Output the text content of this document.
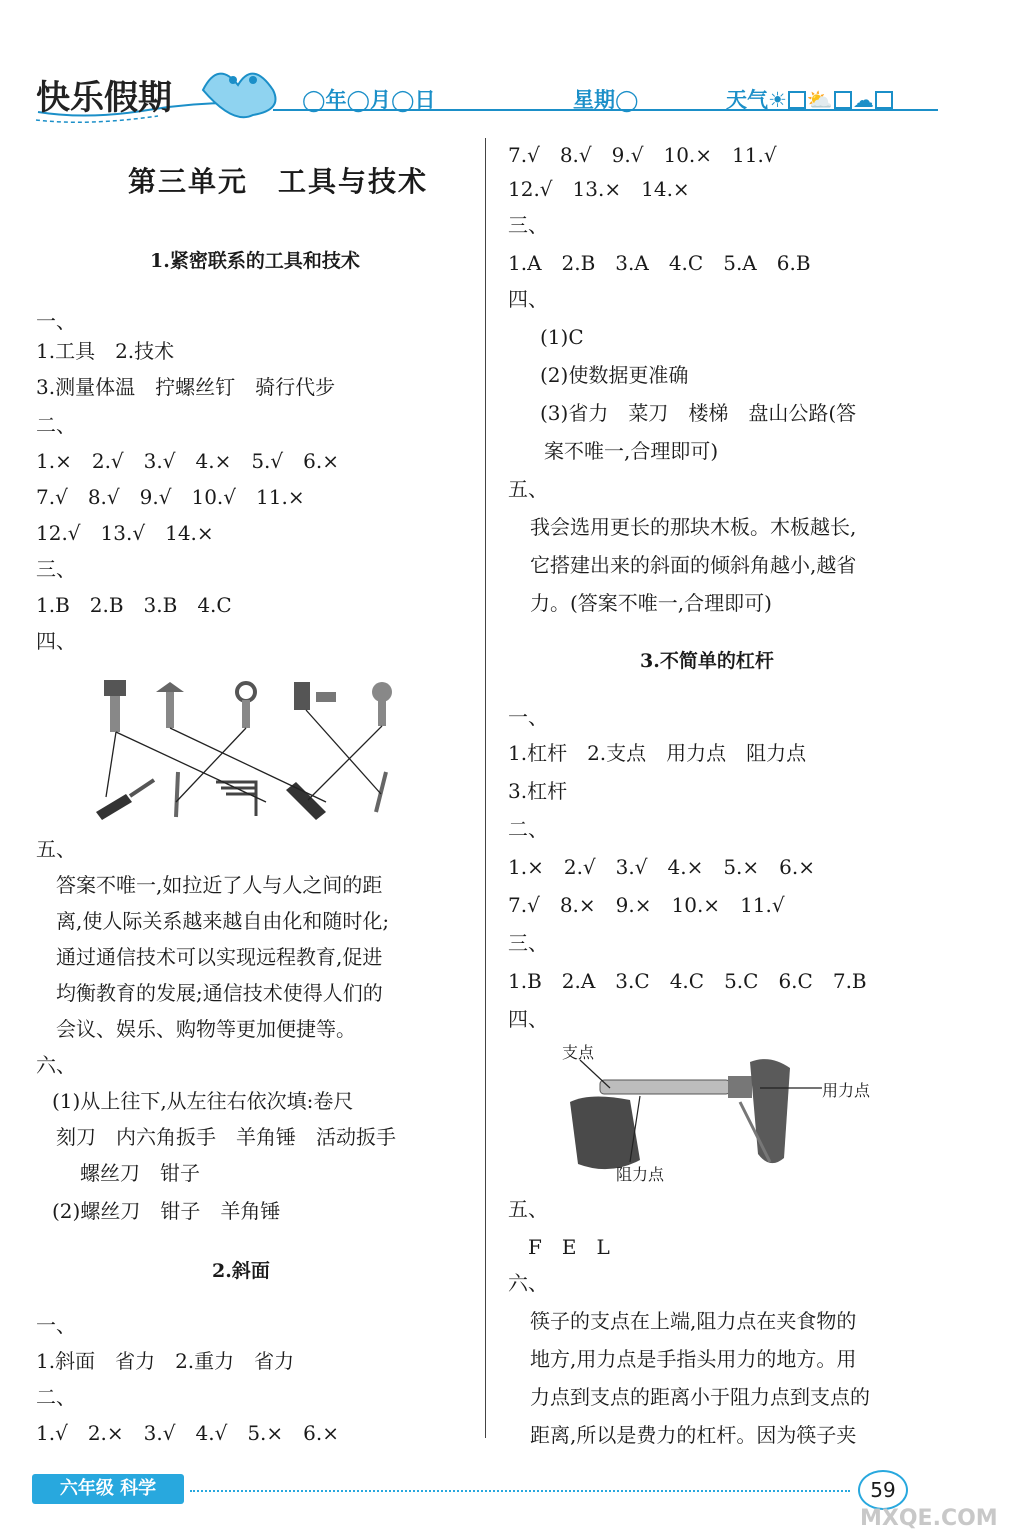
快乐假期	◯年◯月◯日	星期◯	天气☀ ⛅ ☁
第三单元　工具与技术
1.紧密联系的工具和技术
一、
1.工具　2.技术
3.测量体温　拧螺丝钉　骑行代步
二、
1.×　2.√　3.√　4.×　5.√　6.×
7.√　8.√　9.√　10.√　11.×
12.√　13.√　14.×
三、
1.B　2.B　3.B　4.C
四、
五、
答案不唯一,如拉近了人与人之间的距
离,使人际关系越来越自由化和随时化;
通过通信技术可以实现远程教育,促进
均衡教育的发展;通信技术使得人们的
会议、娱乐、购物等更加便捷等。
六、
(1)从上往下,从左往右依次填:卷尺
刻刀　内六角扳手　羊角锤　活动扳手
螺丝刀　钳子
(2)螺丝刀　钳子　羊角锤
2.斜面
一、
1.斜面　省力　2.重力　省力
二、
1.√　2.×　3.√　4.√　5.×　6.×
7.√　8.√　9.√　10.×　11.√
12.√　13.×　14.×
三、
1.A　2.B　3.A　4.C　5.A　6.B
四、
(1)C
(2)使数据更准确
(3)省力　菜刀　楼梯　盘山公路(答
案不唯一,合理即可)
五、
我会选用更长的那块木板。木板越长,
它搭建出来的斜面的倾斜角越小,越省
力。(答案不唯一,合理即可)
3.不简单的杠杆
一、
1.杠杆　2.支点　用力点　阻力点
3.杠杆
二、
1.×　2.√　3.√　4.×　5.×　6.×
7.√　8.×　9.×　10.×　11.√
三、
1.B　2.A　3.C　4.C　5.C　6.C　7.B
四、
支点
用力点
阻力点
五、
F　E　L
六、
筷子的支点在上端,阻力点在夹食物的
地方,用力点是手指头用力的地方。用
力点到支点的距离小于阻力点到支点的
距离,所以是费力的杠杆。因为筷子夹
六年级 科学	59
MXQE.COM
